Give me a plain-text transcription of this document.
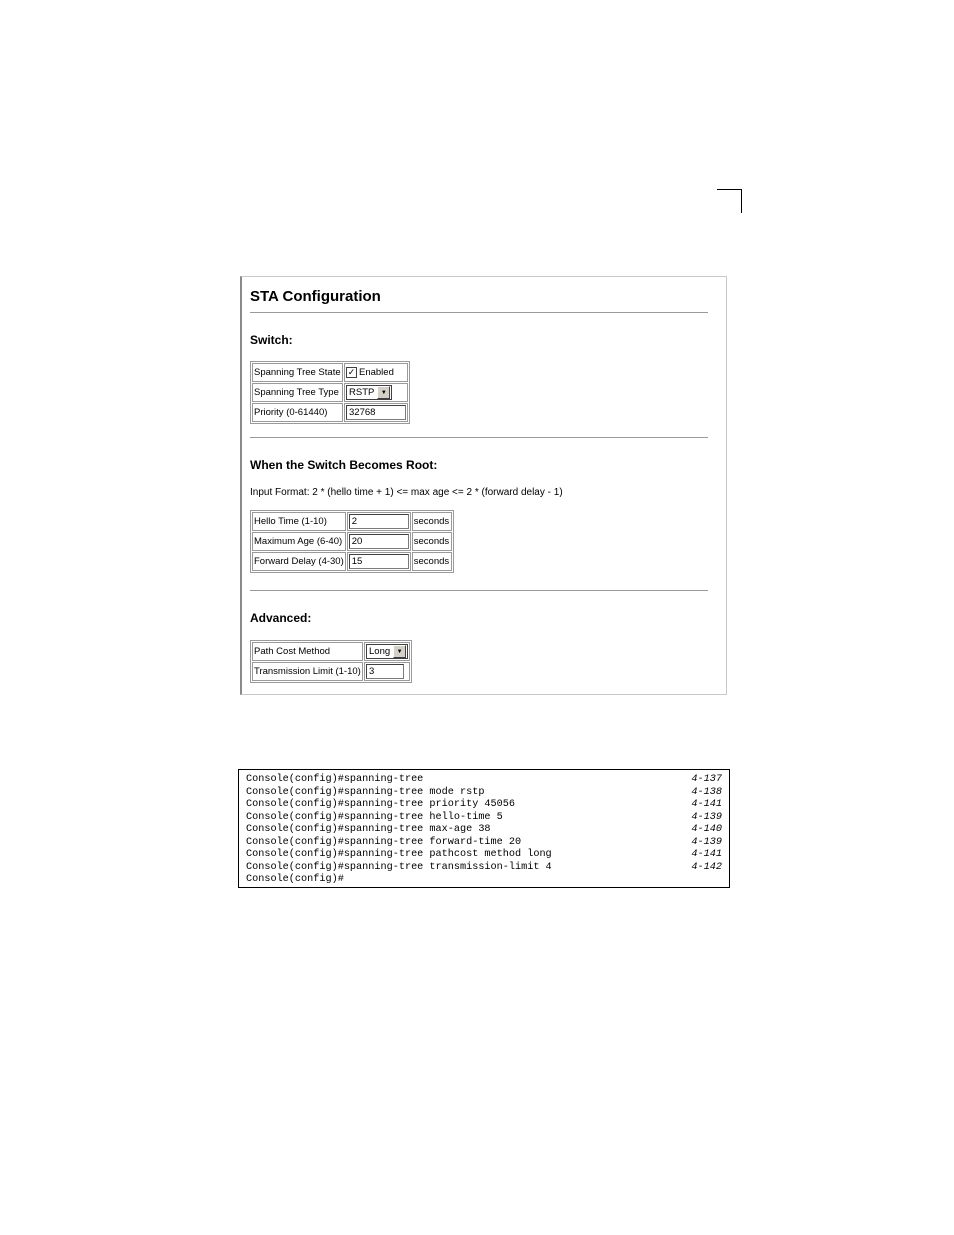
STA Configuration
Switch:
Spanning Tree State	✓ Enabled
Spanning Tree Type	RSTP ▼

Priority (0-61440)	32768
When the Switch Becomes Root:
Input Format: 2 * (hello time + 1) <= max age <= 2 * (forward delay - 1)
Hello Time (1-10)	2	seconds
Maximum Age (6-40)	20	seconds
Forward Delay (4-30)	15	seconds
Advanced:
Path Cost Method	Long ▼

Transmission Limit (1-10)	3
Console(config)#spanning-tree	4-137
Console(config)#spanning-tree mode rstp	4-138
Console(config)#spanning-tree priority 45056	4-141
Console(config)#spanning-tree hello-time 5	4-139
Console(config)#spanning-tree max-age 38	4-140
Console(config)#spanning-tree forward-time 20	4-139
Console(config)#spanning-tree pathcost method long	4-141
Console(config)#spanning-tree transmission-limit 4	4-142
Console(config)#
